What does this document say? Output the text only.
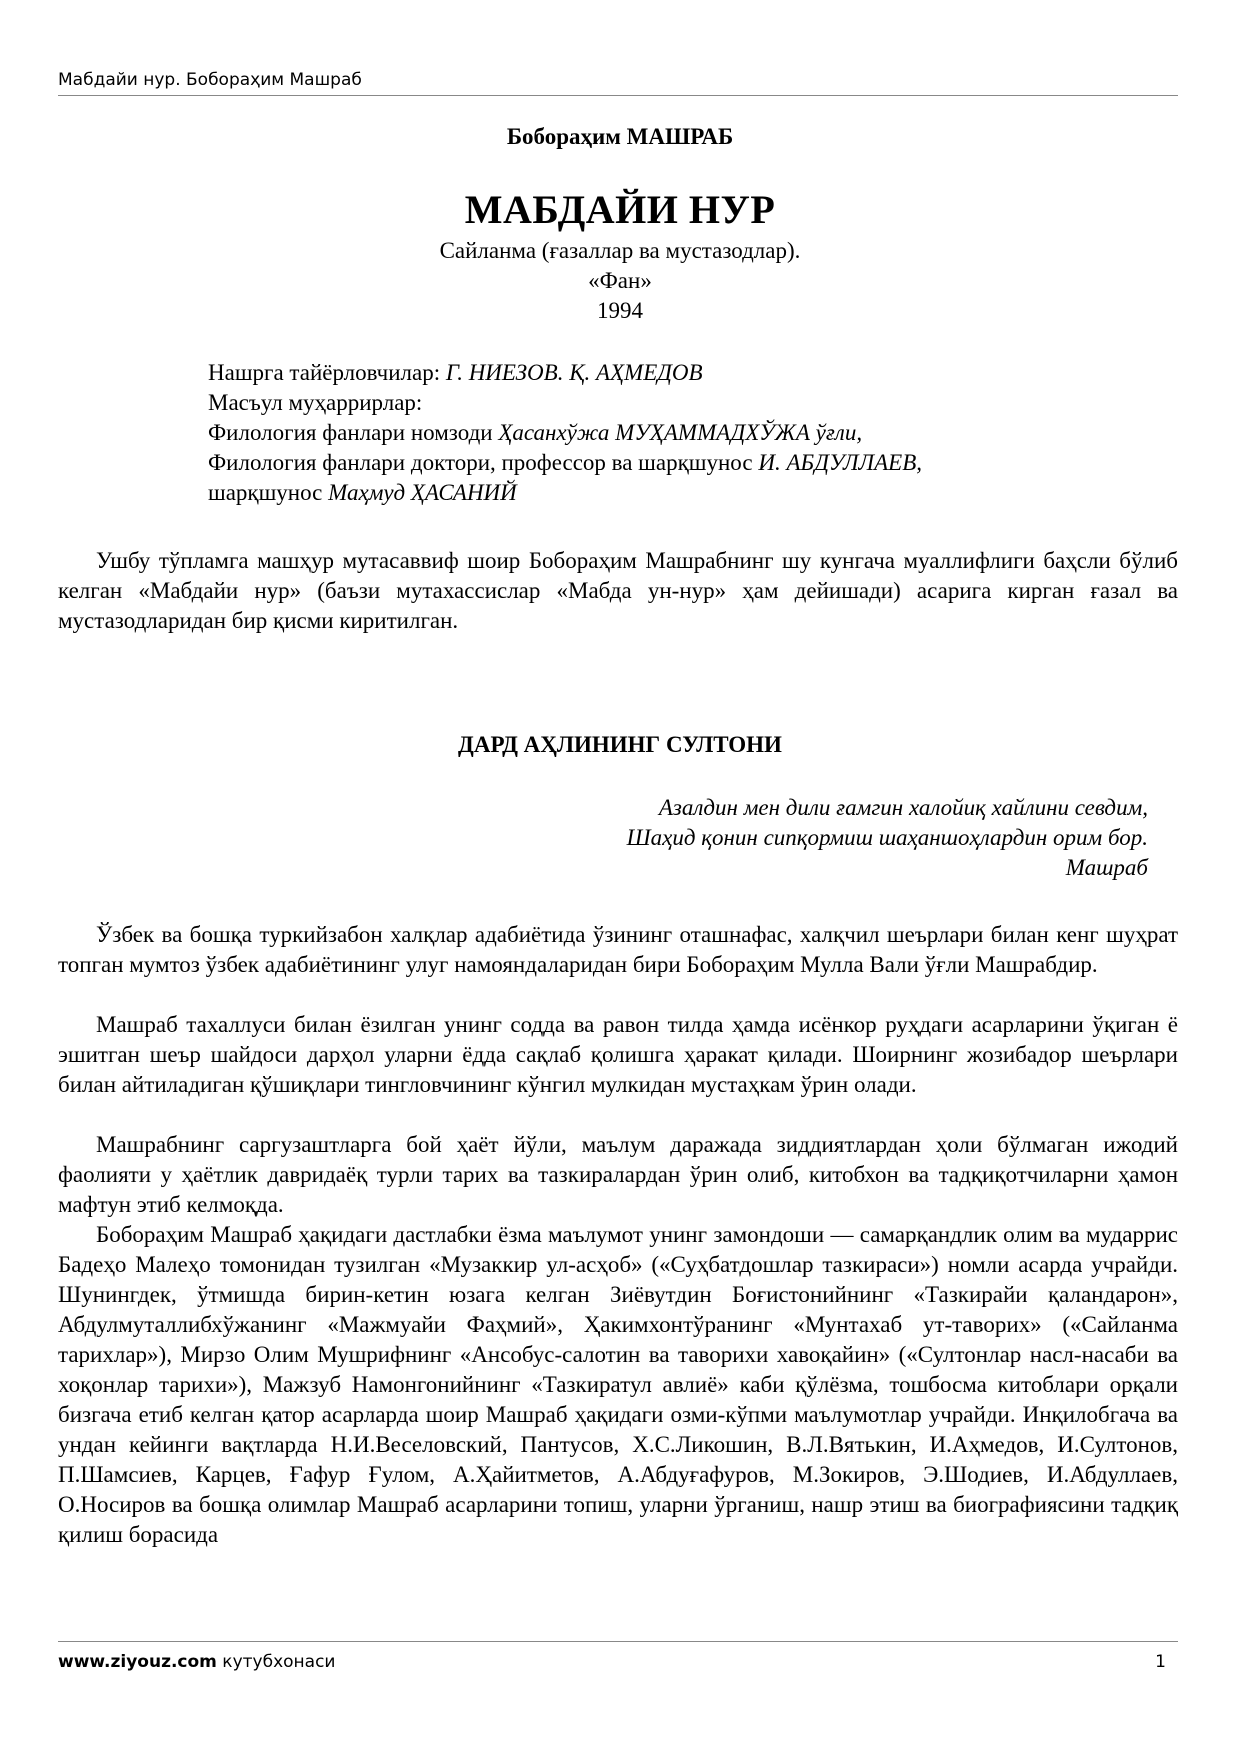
Мабдайи нур. Бобораҳим Машраб
Бобораҳим МАШРАБ
МАБДАЙИ НУР
Сайланма (ғазаллар ва мустазодлар).
«Фан»
1994
Нашрга тайёрловчилар: Г. НИЕЗОВ. Қ. АҲМЕДОВ
Масъул муҳаррирлар:
Филология фанлари номзоди Ҳасанхўжа МУҲАММАДХЎЖА ўғли,
Филология фанлари доктори, профессор ва шарқшунос И. АБДУЛЛАЕВ,
шарқшунос Маҳмуд ҲАСАНИЙ

Ушбу тўпламга машҳур мутасаввиф шоир Бобораҳим Машрабнинг шу кунгача муаллифлиги баҳсли бўлиб келган «Мабдайи нур» (баъзи мутахассислар «Мабда ун-нур» ҳам дейишади) асарига кирган ғазал ва мустазодларидан бир қисми киритилган.

ДАРД АҲЛИНИНГ СУЛТОНИ
Азалдин мен дили ғамгин халойиқ хайлини севдим,
Шаҳид қонин сипқормиш шаҳаншоҳлардин орим бор.
Машраб

Ўзбек ва бошқа туркийзабон халқлар адабиётида ўзининг оташнафас, халқчил шеърлари билан кенг шуҳрат топган мумтоз ўзбек адабиётининг улуг намояндаларидан бири Бобораҳим Мулла Вали ўғли Машрабдир.

Машраб тахаллуси билан ёзилган унинг содда ва равон тилда ҳамда исёнкор руҳдаги асарларини ўқиган ё эшитган шеър шайдоси дарҳол уларни ёдда сақлаб қолишга ҳаракат қилади. Шоирнинг жозибадор шеърлари билан айтиладиган қўшиқлари тингловчининг кўнгил мулкидан мустаҳкам ўрин олади.

Машрабнинг саргузаштларга бой ҳаёт йўли, маълум даражада зиддиятлардан ҳоли бўлмаган ижодий фаолияти у ҳаётлик давридаёқ турли тарих ва тазкиралардан ўрин олиб, китобхон ва тадқиқотчиларни ҳамон мафтун этиб келмоқда.

Бобораҳим Машраб ҳақидаги дастлабки ёзма маълумот унинг замондоши — самарқандлик олим ва мударрис Бадеҳо Малеҳо томонидан тузилган «Музаккир ул-асҳоб» («Суҳбатдошлар тазкираси») номли асарда учрайди. Шунингдек, ўтмишда бирин-кетин юзага келган Зиёвутдин Боғистонийнинг «Тазкирайи қаландарон», Абдулмуталлибхўжанинг «Мажмуайи Фаҳмий», Ҳакимхонтўранинг «Мунтахаб ут-таворих» («Сайланма тарихлар»), Мирзо Олим Мушрифнинг «Ансобус-салотин ва таворихи хавоқайин» («Султонлар насл-насаби ва хоқонлар тарихи»), Мажзуб Намонгонийнинг «Тазкиратул авлиё» каби қўлёзма, тошбосма китоблари орқали бизгача етиб келган қатор асарларда шоир Машраб ҳақидаги озми-кўпми маълумотлар учрайди. Инқилобгача ва ундан кейинги вақтларда Н.И.Веселовский, Пантусов, Х.С.Ликошин, В.Л.Вятькин, И.Аҳмедов, И.Султонов, П.Шамсиев, Карцев, Ғафур Ғулом, А.Ҳайитметов, А.Абдуғафуров, М.Зокиров, Э.Шодиев, И.Абдуллаев, О.Носиров ва бошқа олимлар Машраб асарларини топиш, уларни ўрганиш, нашр этиш ва биографиясини тадқиқ қилиш борасида

www.ziyouz.com кутубхонаси	1
